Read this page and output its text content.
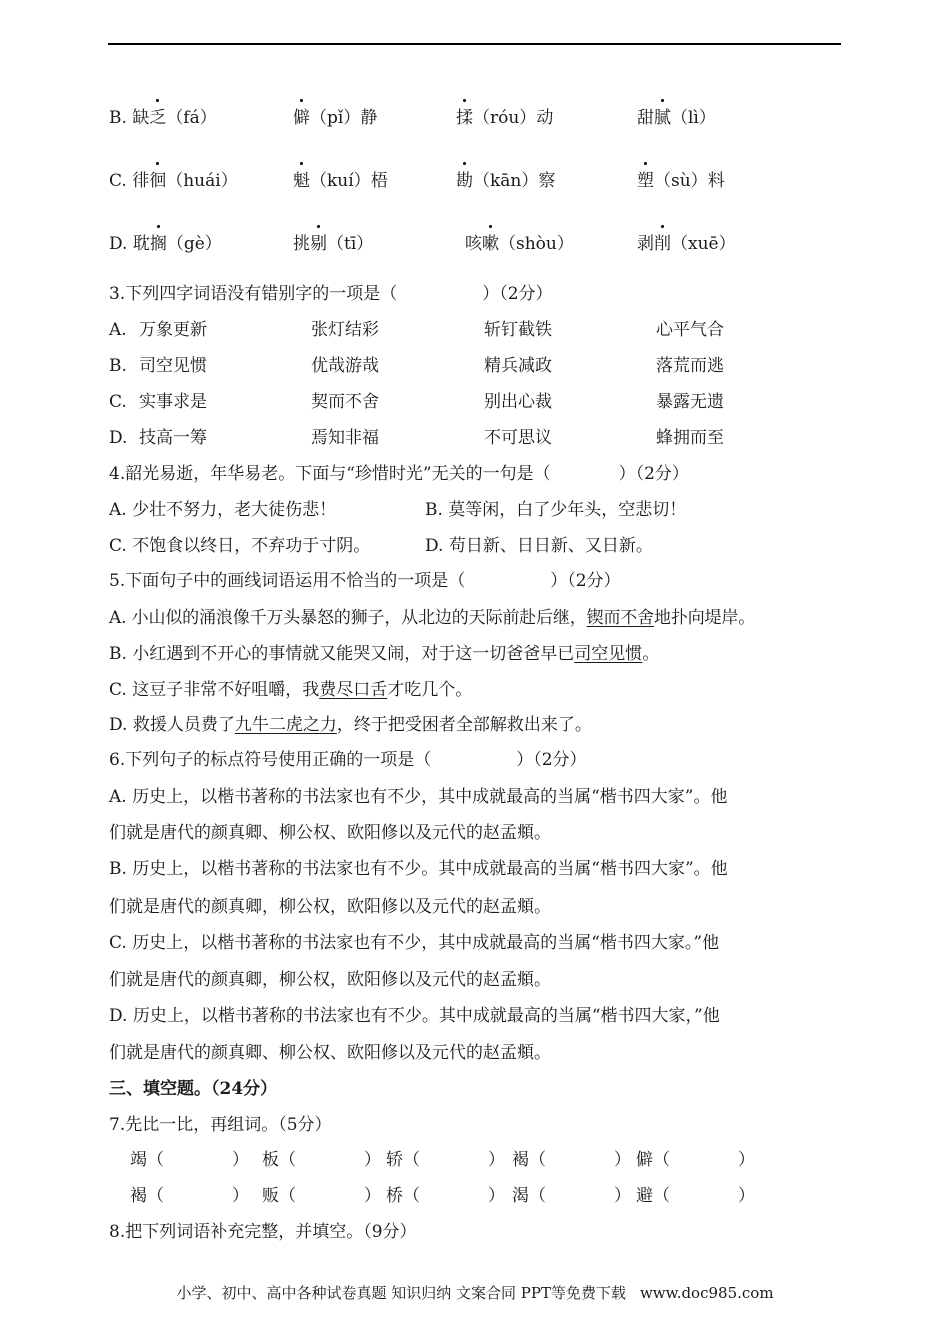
B. 缺乏（fá）	僻（pǐ）静	揉（róu）动	甜腻（lì）
C. 徘徊（huái）	魁（kuí）梧	勘（kān）察	塑（sù）料
D. 耽搁（gè）	挑剔（tī）	咳嗽（shòu）	剥削（xuē）
3.下列四字词语没有错别字的一项是（　　　　　）（2分）
A. 万象更新	张灯结彩	斩钉截铁	心平气合
B. 司空见惯	优哉游哉	精兵减政	落荒而逃
C. 实事求是	契而不舍	别出心裁	暴露无遗
D. 技高一筹	焉知非福	不可思议	蜂拥而至
4.韶光易逝，年华易老。下面与“珍惜时光”无关的一句是（　　　　）（2分）
A. 少壮不努力，老大徒伤悲！	B. 莫等闲，白了少年头，空悲切！
C. 不饱食以终日，不弃功于寸阴。	D. 苟日新、日日新、又日新。
5.下面句子中的画线词语运用不恰当的一项是（　　　　　）（2分）
A. 小山似的涌浪像千万头暴怒的狮子，从北边的天际前赴后继，锲而不舍地扑向堤岸。
B. 小红遇到不开心的事情就又能哭又闹，对于这一切爸爸早已司空见惯。
C. 这豆子非常不好咀嚼，我费尽口舌才吃几个。
D. 救援人员费了九牛二虎之力，终于把受困者全部解救出来了。
6.下列句子的标点符号使用正确的一项是（　　　　　）（2分）
A. 历史上，以楷书著称的书法家也有不少，其中成就最高的当属“楷书四大家”。他
们就是唐代的颜真卿、柳公权、欧阳修以及元代的赵孟頫。
B. 历史上，以楷书著称的书法家也有不少。其中成就最高的当属“楷书四大家”。他
们就是唐代的颜真卿，柳公权，欧阳修以及元代的赵孟頫。
C. 历史上，以楷书著称的书法家也有不少，其中成就最高的当属“楷书四大家。”他
们就是唐代的颜真卿，柳公权，欧阳修以及元代的赵孟頫。
D. 历史上，以楷书著称的书法家也有不少。其中成就最高的当属“楷书四大家，”他
们就是唐代的颜真卿、柳公权、欧阳修以及元代的赵孟頫。
三、填空题。（24分）
7.先比一比，再组词。（5分）
竭（　　　　） 板（　　　　） 轿（　　　　） 褐（　　　　） 僻（　　　　）
褐（　　　　） 贩（　　　　） 桥（　　　　） 渴（　　　　） 避（　　　　）
8.把下列词语补充完整，并填空。（9分）
小学、初中、高中各种试卷真题 知识归纳 文案合同 PPT等免费下载 www.doc985.com
